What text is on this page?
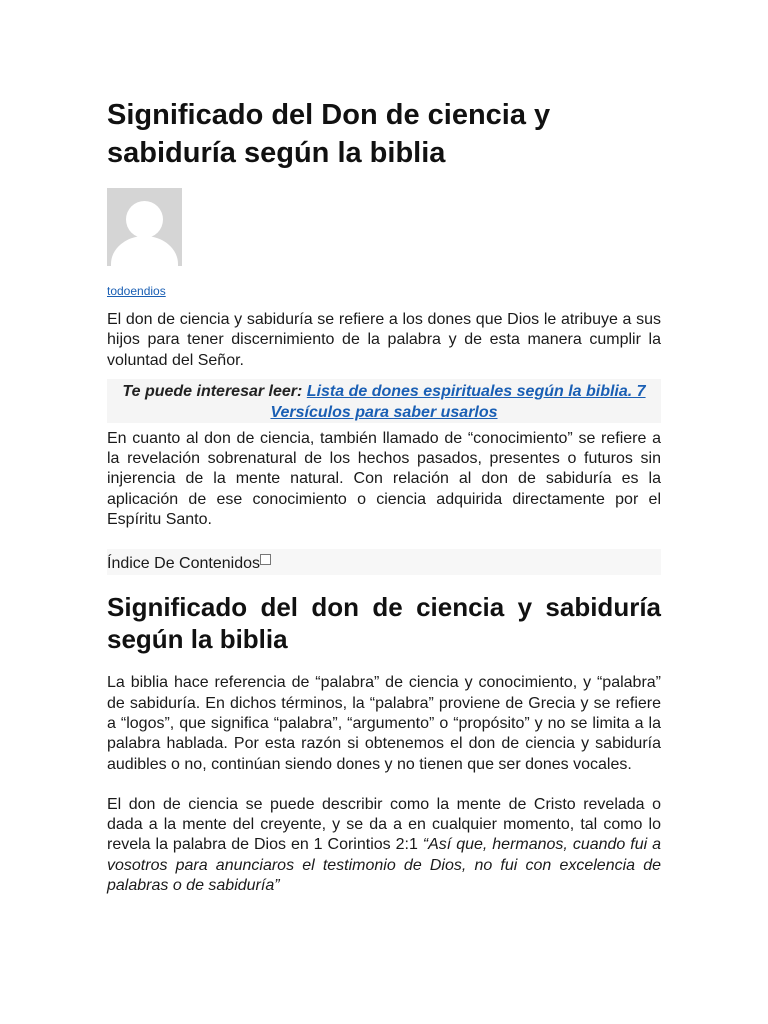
Significado del Don de ciencia y sabiduría según la biblia
todoendios

El don de ciencia y sabiduría se refiere a los dones que Dios le atribuye a sus hijos para tener discernimiento de la palabra y de esta manera cumplir la voluntad del Señor.

Te puede interesar leer: Lista de dones espirituales según la biblia. 7 Versículos para saber usarlos

En cuanto al don de ciencia, también llamado de “conocimiento” se refiere a la revelación sobrenatural de los hechos pasados, presentes o futuros sin injerencia de la mente natural. Con relación al don de sabiduría es la aplicación de ese conocimiento o ciencia adquirida directamente por el Espíritu Santo.

Índice De Contenidos
Significado del don de ciencia y sabiduría según la biblia

La biblia hace referencia de “palabra” de ciencia y conocimiento, y “palabra” de sabiduría. En dichos términos, la “palabra” proviene de Grecia y se refiere a “logos”, que significa “palabra”, “argumento” o “propósito” y no se limita a la palabra hablada. Por esta razón si obtenemos el don de ciencia y sabiduría audibles o no, continúan siendo dones y no tienen que ser dones vocales.

El don de ciencia se puede describir como la mente de Cristo revelada o dada a la mente del creyente, y se da a en cualquier momento, tal como lo revela la palabra de Dios en 1 Corintios 2:1 “Así que, hermanos, cuando fui a vosotros para anunciaros el testimonio de Dios, no fui con excelencia de palabras o de sabiduría”
